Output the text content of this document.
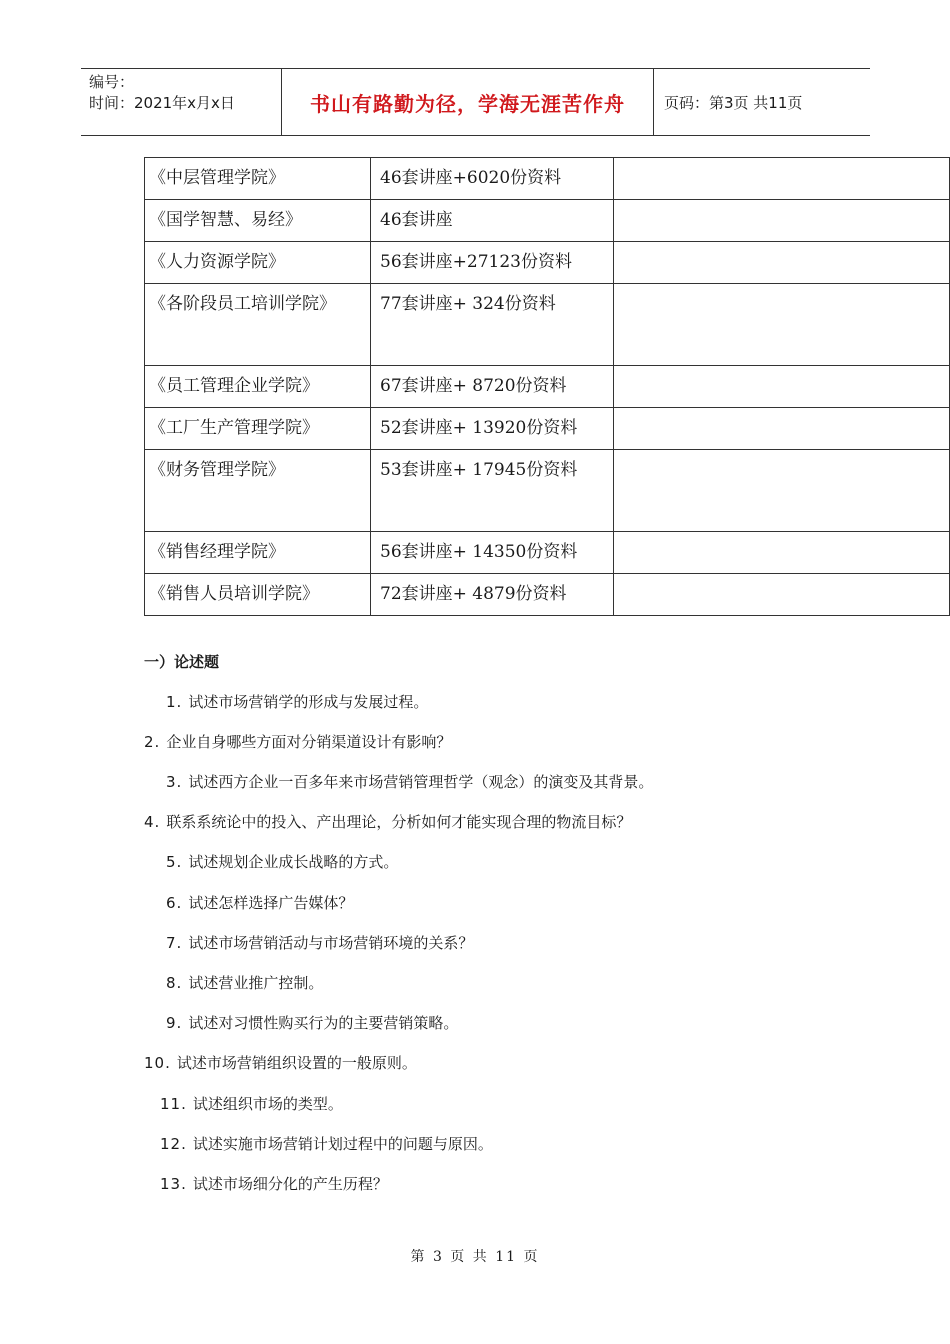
编号：
时间：2021年x月x日	书山有路勤为径，学海无涯苦作舟	页码：第3页 共11页
《中层管理学院》	46套讲座+6020份资料	
《国学智慧、易经》	46套讲座	
《人力资源学院》	56套讲座+27123份资料	
《各阶段员工培训学院》	77套讲座+ 324份资料	
《员工管理企业学院》	67套讲座+ 8720份资料	
《工厂生产管理学院》	52套讲座+ 13920份资料	
《财务管理学院》	53套讲座+ 17945份资料	
《销售经理学院》	56套讲座+ 14350份资料	
《销售人员培训学院》	72套讲座+ 4879份资料	
一）论述题
1. 试述市场营销学的形成与发展过程。
2. 企业自身哪些方面对分销渠道设计有影响？
3. 试述西方企业一百多年来市场营销管理哲学（观念）的演变及其背景。
4. 联系系统论中的投入、产出理论，分析如何才能实现合理的物流目标？
5. 试述规划企业成长战略的方式。
6. 试述怎样选择广告媒体？
7. 试述市场营销活动与市场营销环境的关系？
8. 试述营业推广控制。
9. 试述对习惯性购买行为的主要营销策略。
10. 试述市场营销组织设置的一般原则。
11. 试述组织市场的类型。
12. 试述实施市场营销计划过程中的问题与原因。
13. 试述市场细分化的产生历程？
第 3 页 共 11 页
